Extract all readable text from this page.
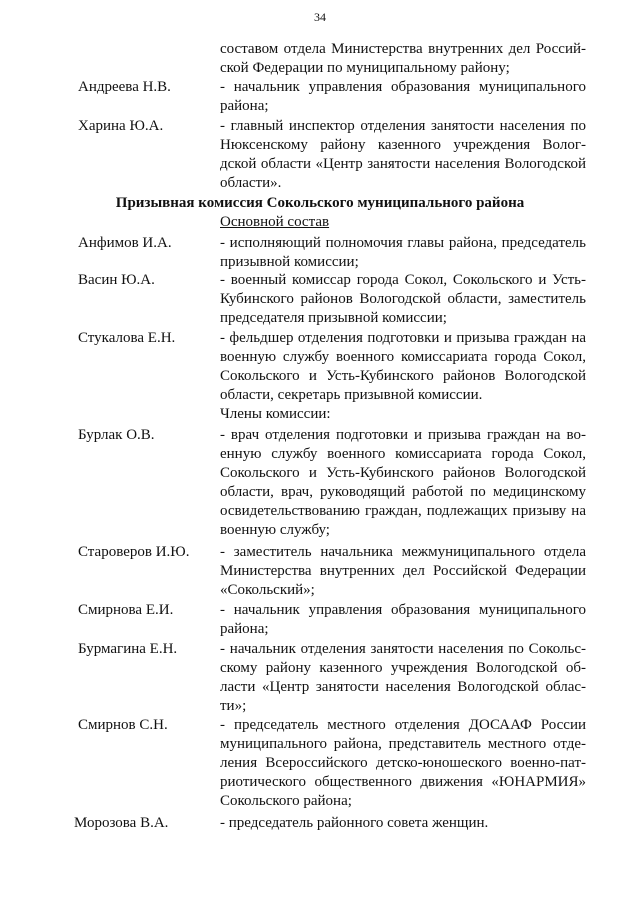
34
составом отдела Министерства внутренних дел Россий-
ской Федерации по муниципальному району;
Андреева Н.В.	- начальник управления образования муниципального
района;
Харина Ю.А.	- главный инспектор отделения занятости населения по
Нюксенскому району казенного учреждения Волог-
дской области «Центр занятости населения Вологодской
области».
Призывная комиссия Сокольского муниципального района
Основной состав
Анфимов И.А.	- исполняющий полномочия главы района, председатель
призывной комиссии;
Васин Ю.А.	- военный комиссар города Сокол, Сокольского и Усть-
Кубинского районов Вологодской области, заместитель
председателя призывной комиссии;
Стукалова Е.Н.	- фельдшер отделения подготовки и призыва граждан на
военную службу военного комиссариата города Сокол,
Сокольского и Усть-Кубинского районов Вологодской
области, секретарь призывной комиссии.
Члены комиссии:
Бурлак О.В.	- врач отделения подготовки и призыва граждан на во-
енную службу военного комиссариата города Сокол,
Сокольского и Усть-Кубинского районов Вологодской
области, врач, руководящий работой по медицинскому
освидетельствованию граждан, подлежащих призыву на
военную службу;
Староверов И.Ю. - заместитель начальника межмуниципального отдела
Министерства внутренних дел Российской Федерации
«Сокольский»;
Смирнова Е.И.	- начальник управления образования муниципального
района;
Бурмагина Е.Н.	- начальник отделения занятости населения по Сокольс-
скому району казенного учреждения Вологодской об-
ласти «Центр занятости населения Вологодской облас-
ти»;
Смирнов С.Н.	- председатель местного отделения ДОСААФ России
муниципального района, представитель местного отде-
ления Всероссийского детско-юношеского военно-пат-
риотического общественного движения «ЮНАРМИЯ»
Сокольского района;
Морозова В.А.	- председатель районного совета женщин.
